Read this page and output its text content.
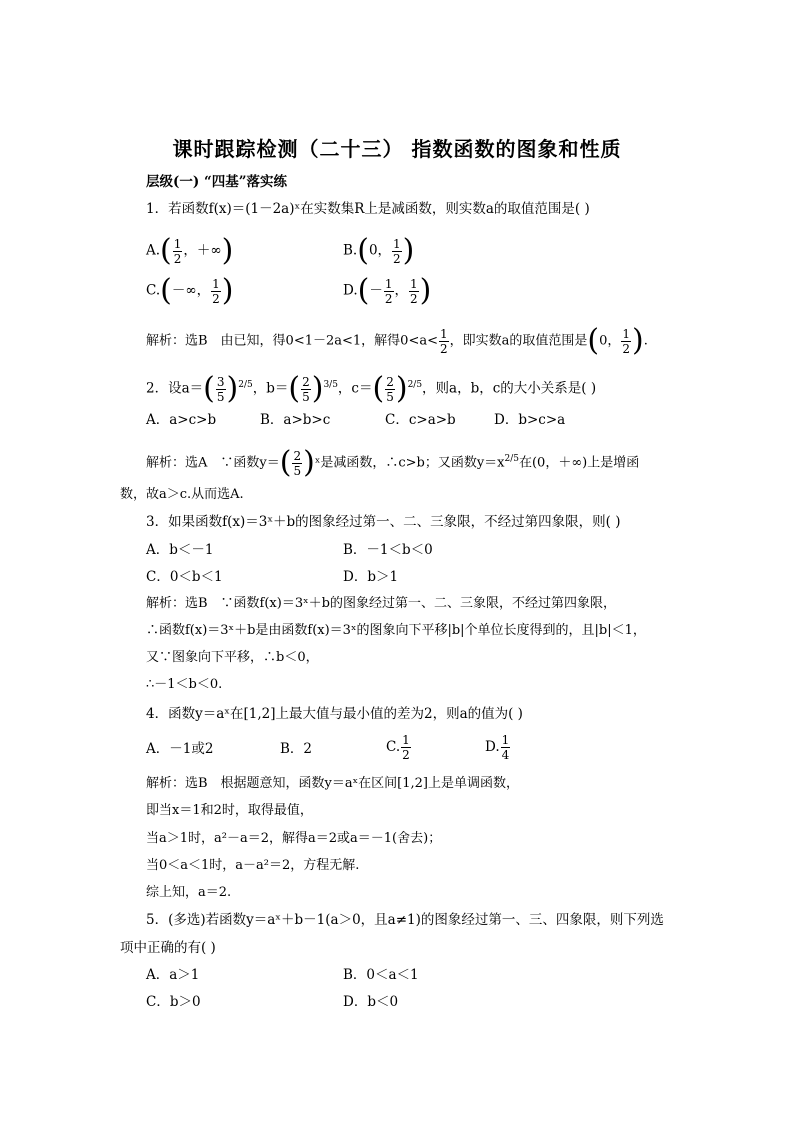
课时跟踪检测（二十三） 指数函数的图象和性质
层级(一) “四基”落实练
1．若函数f(x)＝(1－2a)ˣ在实数集R上是减函数，则实数a的取值范围是( )
$A.( \frac{1}{2}$ ，＋∞)	B.(0， $\frac{1}{2}$ )
C.(－∞， $\frac{1}{2}$ )	$D.(- \frac{1}{2}$ ， $\frac{1}{2}$ )
解析：选B　由已知，得0<1－2a<1，解得$0<a< \frac{1}{2}$ ，即实数a的取值范围是(0， $\frac{1}{2}$ ).
2．设$a=( \frac{3}{5} )^{2/5}$，$b=( \frac{2}{5} )^{3/5}$，$c=( \frac{2}{5} )^{2/5}$，则a，b，c的大小关系是( )
A．a>c>b	B．a>b>c	C．c>a>b	D．b>c>a
解析：选A　∵函数$y=( \frac{2}{5}$ )ˣ是减函数，∴c>b；又函数$y=x^{2/5}$在(0，＋∞)上是增函
数，故a＞c.从而选A.
3．如果函数f(x)＝3ˣ＋b的图象经过第一、二、三象限，不经过第四象限，则( )
A．b＜－1	B．－1＜b＜0
C．0＜b＜1	D．b＞1
解析：选B　∵函数f(x)＝3ˣ＋b的图象经过第一、二、三象限，不经过第四象限，
∴函数f(x)＝3ˣ＋b是由函数f(x)＝3ˣ的图象向下平移|b|个单位长度得到的，且|b|＜1，
又∵图象向下平移，∴b＜0，
∴－1＜b＜0.
4．函数y＝aˣ在[1,2]上最大值与最小值的差为2，则a的值为( )
A．－1或2	B．2	C. $\frac{1}{2}$	D. $\frac{1}{4}$
解析：选B　根据题意知，函数y＝aˣ在区间[1,2]上是单调函数，
即当x＝1和2时，取得最值，
当a＞1时，a²－a＝2，解得a＝2或a＝－1(舍去)；
当0＜a＜1时，a－a²＝2，方程无解.
综上知，a＝2.
5．(多选)若函数y＝aˣ＋b－1(a＞0，且a≠1)的图象经过第一、三、四象限，则下列选
项中正确的有( )
A．a＞1	B．0＜a＜1
C．b＞0	D．b＜0
